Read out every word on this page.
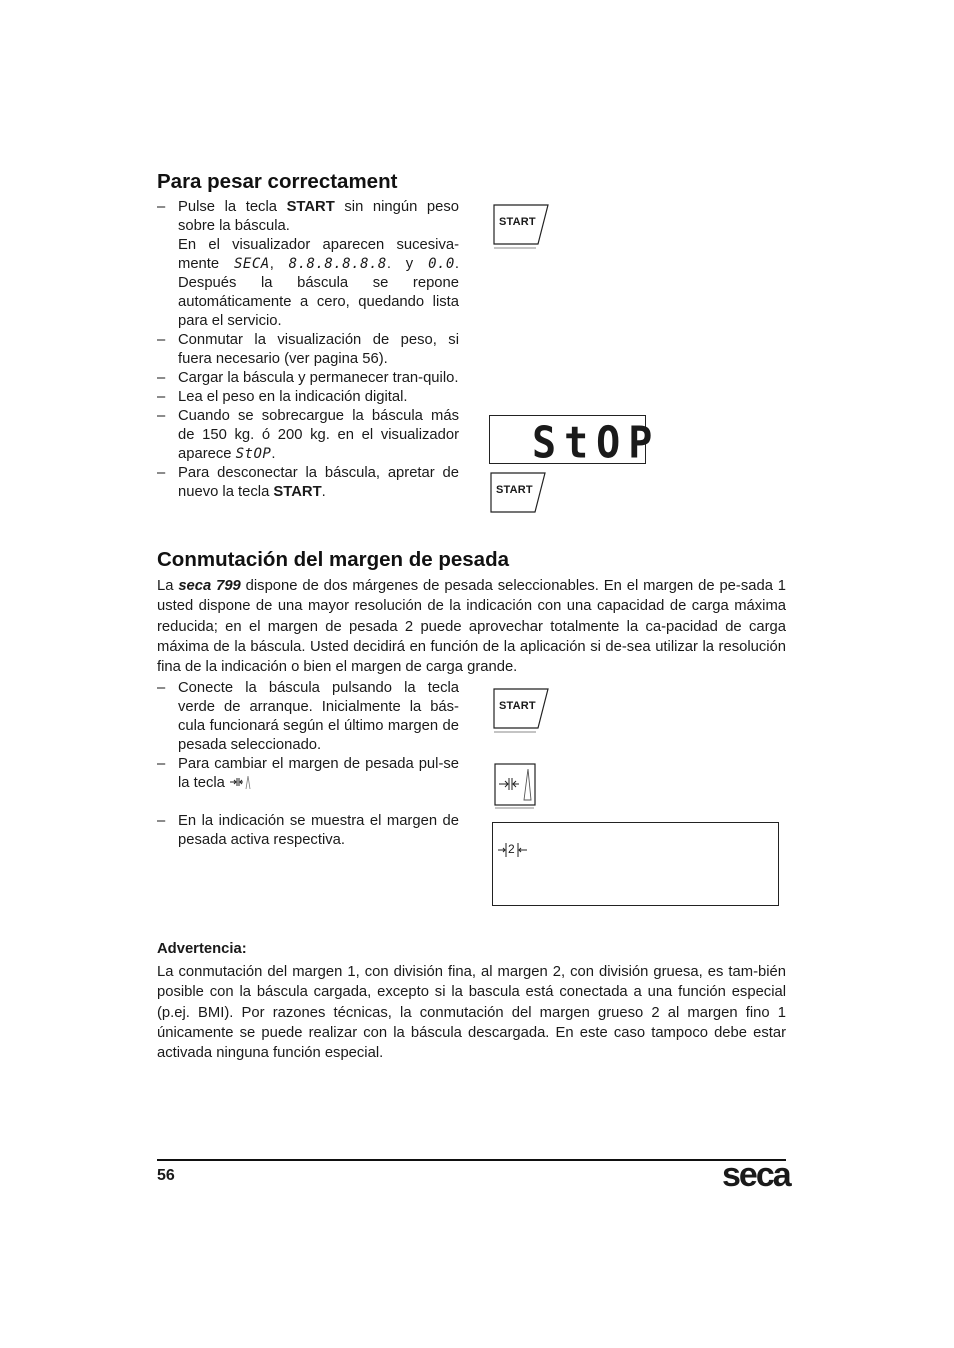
Para pesar correctament
– Pulse la tecla START sin ningún peso sobre la báscula.
En el visualizador aparecen sucesiva-mente SECA, 8.8.8.8.8.8. y 0.0. Después la báscula se repone automáticamente a cero, quedando lista para el servicio.
– Conmutar la visualización de peso, si fuera necesario (ver pagina 56).
– Cargar la báscula y permanecer tran-quilo.
– Lea el peso en la indicación digital.
– Cuando se sobrecargue la báscula más de 150 kg. ó 200 kg. en el visualizador aparece StOP.
– Para desconectar la báscula, apretar de nuevo la tecla START.
START
StOP
START
Conmutación del margen de pesada
La seca 799 dispone de dos márgenes de pesada seleccionables. En el margen de pe-sada 1 usted dispone de una mayor resolución de la indicación con una capacidad de carga máxima reducida; en el margen de pesada 2 puede aprovechar totalmente la ca-pacidad de carga máxima de la báscula. Usted decidirá en función de la aplicación si de-sea utilizar la resolución fina de la indicación o bien el margen de carga grande.
– Conecte la báscula pulsando la tecla verde de arranque. Inicialmente la bás-cula funcionará según el último margen de pesada seleccionado.
– Para cambiar el margen de pesada pul-se la tecla
– En la indicación se muestra el margen de pesada activa respectiva.
START
2
Advertencia:
La conmutación del margen 1, con división fina, al margen 2, con división gruesa, es tam-bién posible con la báscula cargada, excepto si la bascula está conectada a una función especial (p.ej. BMI). Por razones técnicas, la conmutación del margen grueso 2 al margen fino 1 únicamente se puede realizar con la báscula descargada. En este caso tampoco debe estar activada ninguna función especial.
56	seca
